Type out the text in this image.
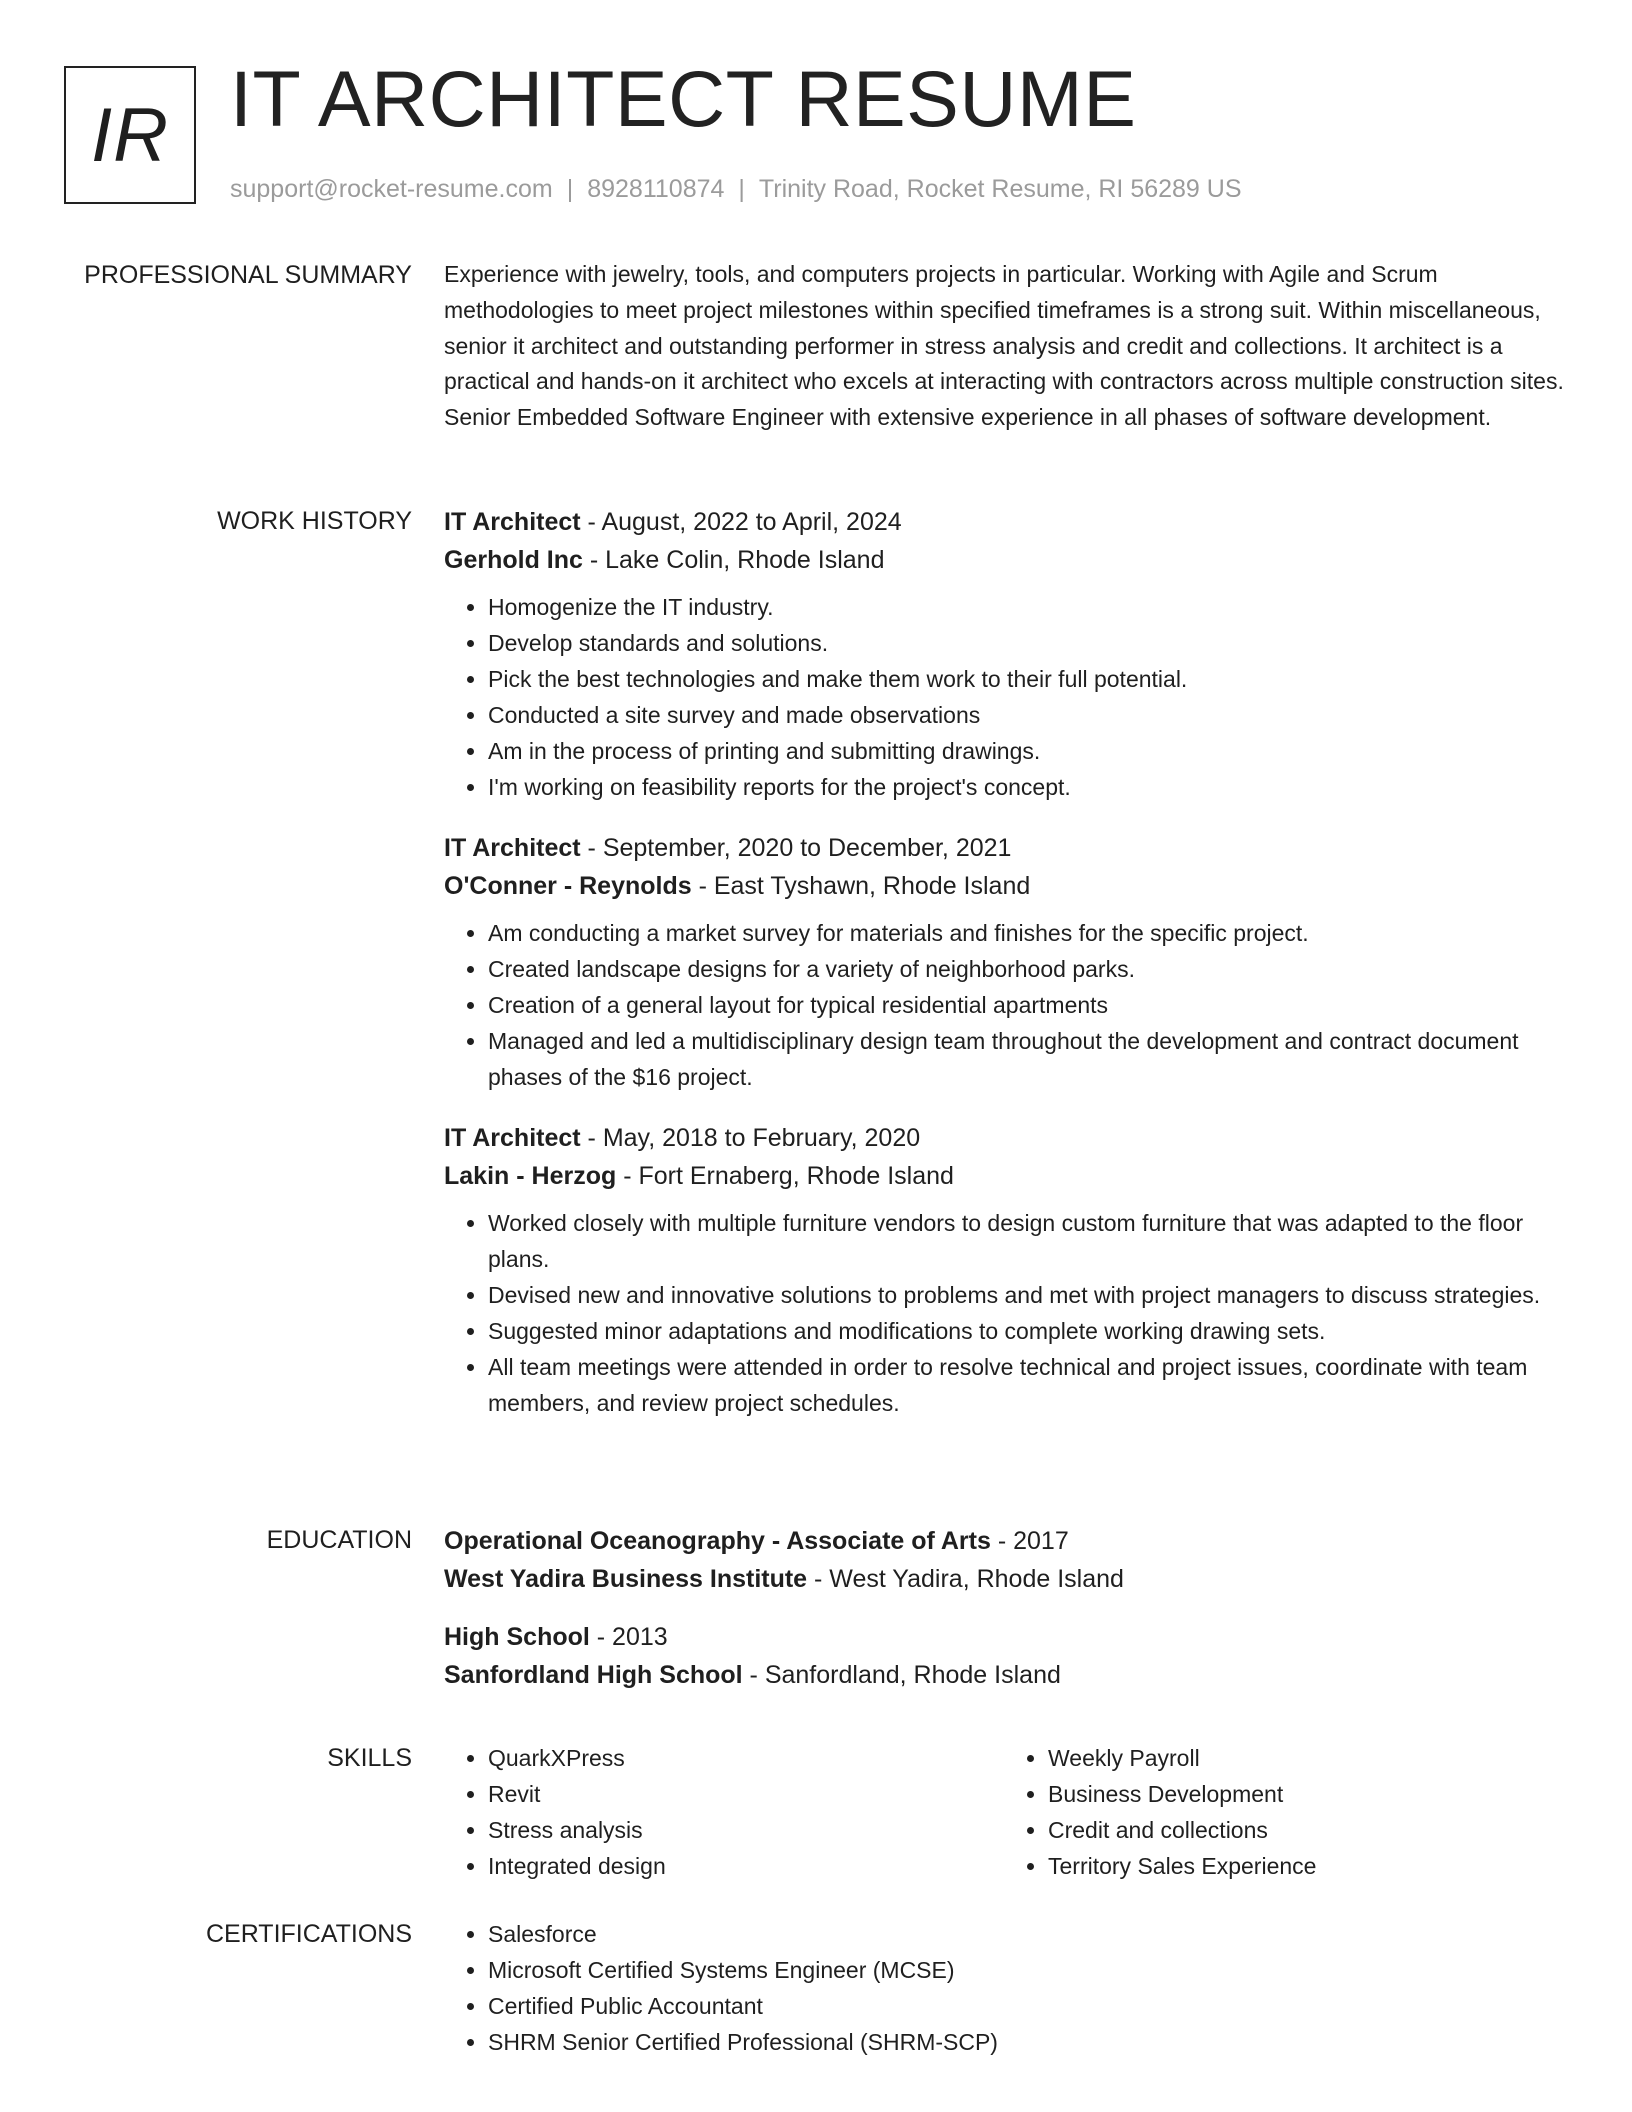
IR IT ARCHITECT RESUME
support@rocket-resume.com | 8928110874 | Trinity Road, Rocket Resume, RI 56289 US
PROFESSIONAL SUMMARY Experience with jewelry, tools, and computers projects in particular. Working with Agile and Scrum methodologies to meet project milestones within specified timeframes is a strong suit. Within miscellaneous, senior it architect and outstanding performer in stress analysis and credit and collections. It architect is a practical and hands-on it architect who excels at interacting with contractors across multiple construction sites. Senior Embedded Software Engineer with extensive experience in all phases of software development.

WORK HISTORY IT Architect - August, 2022 to April, 2024

Gerhold Inc - Lake Colin, Rhode Island

• Homogenize the IT industry.
• Develop standards and solutions.
• Pick the best technologies and make them work to their full potential.
• Conducted a site survey and made observations
• Am in the process of printing and submitting drawings.
• I'm working on feasibility reports for the project's concept.

IT Architect - September, 2020 to December, 2021

O'Conner - Reynolds - East Tyshawn, Rhode Island

• Am conducting a market survey for materials and finishes for the specific project.
• Created landscape designs for a variety of neighborhood parks.
• Creation of a general layout for typical residential apartments
• Managed and led a multidisciplinary design team throughout the development and contract document phases of the $16 project.

IT Architect - May, 2018 to February, 2020

Lakin - Herzog - Fort Ernaberg, Rhode Island

• Worked closely with multiple furniture vendors to design custom furniture that was adapted to the floor plans.
• Devised new and innovative solutions to problems and met with project managers to discuss strategies.
• Suggested minor adaptations and modifications to complete working drawing sets.
• All team meetings were attended in order to resolve technical and project issues, coordinate with team members, and review project schedules.
EDUCATION Operational Oceanography - Associate of Arts - 2017

West Yadira Business Institute - West Yadira, Rhode Island

High School - 2013

Sanfordland High School - Sanfordland, Rhode Island

SKILLS	• QuarkXPress
• Revit
• Stress analysis
• Integrated design
• Weekly Payroll
• Business Development
• Credit and collections
• Territory Sales Experience
CERTIFICATIONS	• Salesforce
• Microsoft Certified Systems Engineer (MCSE)
• Certified Public Accountant
• SHRM Senior Certified Professional (SHRM-SCP)
